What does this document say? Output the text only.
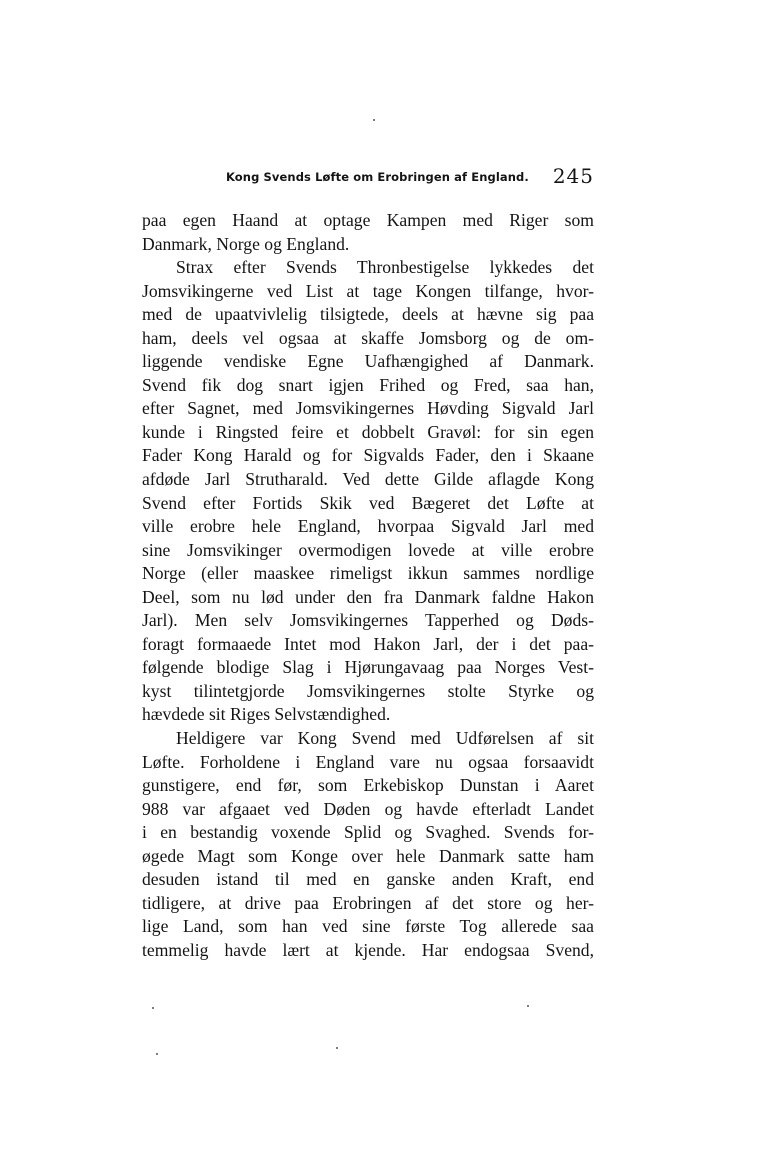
Kong Svends Løfte om Erobringen af England. 245
paa egen Haand at optage Kampen med Riger som
Danmark, Norge og England.
Strax efter Svends Thronbestigelse lykkedes det
Jomsvikingerne ved List at tage Kongen tilfange, hvor-
med de upaatvivlelig tilsigtede, deels at hævne sig paa
ham, deels vel ogsaa at skaffe Jomsborg og de om-
liggende vendiske Egne Uafhængighed af Danmark.
Svend fik dog snart igjen Frihed og Fred, saa han,
efter Sagnet, med Jomsvikingernes Høvding Sigvald Jarl
kunde i Ringsted feire et dobbelt Gravøl: for sin egen
Fader Kong Harald og for Sigvalds Fader, den i Skaane
afdøde Jarl Strutharald. Ved dette Gilde aflagde Kong
Svend efter Fortids Skik ved Bægeret det Løfte at
ville erobre hele England, hvorpaa Sigvald Jarl med
sine Jomsvikinger overmodigen lovede at ville erobre
Norge (eller maaskee rimeligst ikkun sammes nordlige
Deel, som nu lød under den fra Danmark faldne Hakon
Jarl). Men selv Jomsvikingernes Tapperhed og Døds-
foragt formaaede Intet mod Hakon Jarl, der i det paa-
følgende blodige Slag i Hjørungavaag paa Norges Vest-
kyst tilintetgjorde Jomsvikingernes stolte Styrke og
hævdede sit Riges Selvstændighed.
Heldigere var Kong Svend med Udførelsen af sit
Løfte. Forholdene i England vare nu ogsaa forsaavidt
gunstigere, end før, som Erkebiskop Dunstan i Aaret
988 var afgaaet ved Døden og havde efterladt Landet
i en bestandig voxende Splid og Svaghed. Svends for-
øgede Magt som Konge over hele Danmark satte ham
desuden istand til med en ganske anden Kraft, end
tidligere, at drive paa Erobringen af det store og her-
lige Land, som han ved sine første Tog allerede saa
temmelig havde lært at kjende. Har endogsaa Svend,
